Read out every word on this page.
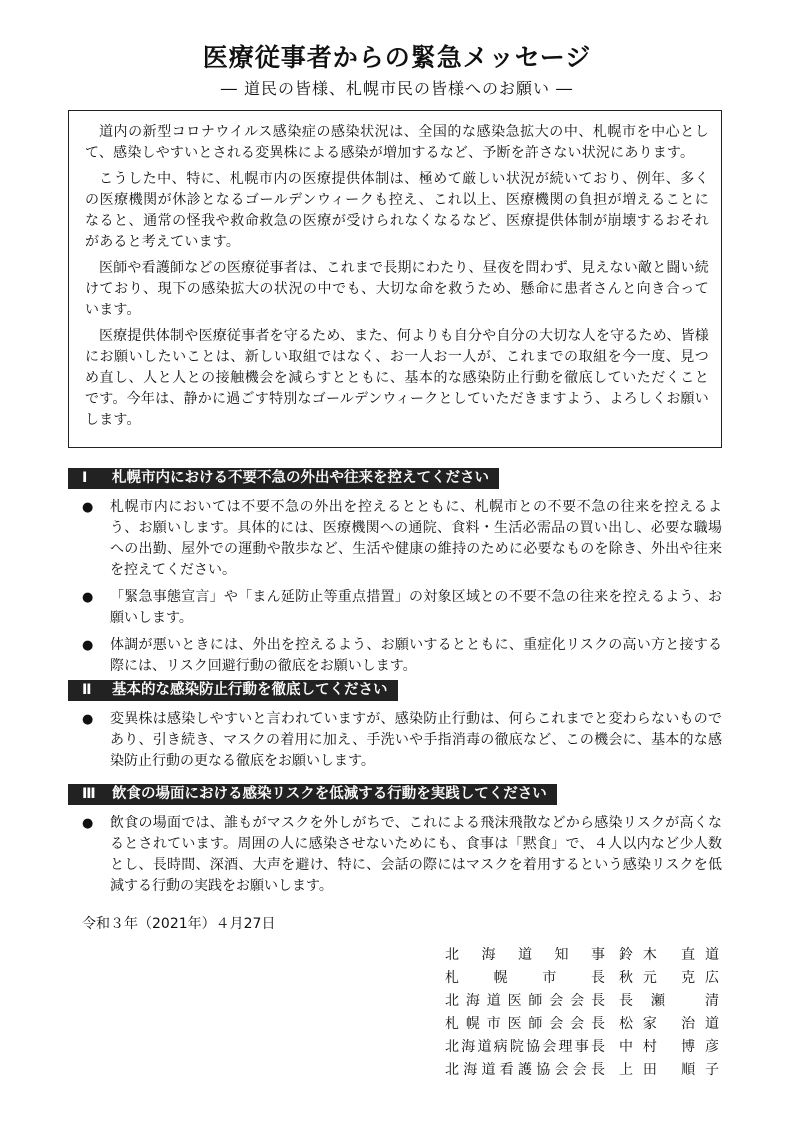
医療従事者からの緊急メッセージ
― 道民の皆様、札幌市民の皆様へのお願い ―

道内の新型コロナウイルス感染症の感染状況は、全国的な感染急拡大の中、札幌市を中心として、感染しやすいとされる変異株による感染が増加するなど、予断を許さない状況にあります。

こうした中、特に、札幌市内の医療提供体制は、極めて厳しい状況が続いており、例年、多くの医療機関が休診となるゴールデンウィークも控え、これ以上、医療機関の負担が増えることになると、通常の怪我や救命救急の医療が受けられなくなるなど、医療提供体制が崩壊するおそれがあると考えています。

医師や看護師などの医療従事者は、これまで長期にわたり、昼夜を問わず、見えない敵と闘い続けており、現下の感染拡大の状況の中でも、大切な命を救うため、懸命に患者さんと向き合っています。

医療提供体制や医療従事者を守るため、また、何よりも自分や自分の大切な人を守るため、皆様にお願いしたいことは、新しい取組ではなく、お一人お一人が、これまでの取組を今一度、見つめ直し、人と人との接触機会を減らすとともに、基本的な感染防止行動を徹底していただくことです。今年は、静かに過ごす特別なゴールデンウィークとしていただきますよう、よろしくお願いします。

Ⅰ 札幌市内における不要不急の外出や往来を控えてください
● 札幌市内においては不要不急の外出を控えるとともに、札幌市との不要不急の往来を控えるよう、お願いします。具体的には、医療機関への通院、食料・生活必需品の買い出し、必要な職場への出勤、屋外での運動や散歩など、生活や健康の維持のために必要なものを除き、外出や往来を控えてください。
● 「緊急事態宣言」や「まん延防止等重点措置」の対象区域との不要不急の往来を控えるよう、お願いします。
● 体調が悪いときには、外出を控えるよう、お願いするとともに、重症化リスクの高い方と接する際には、リスク回避行動の徹底をお願いします。
Ⅱ 基本的な感染防止行動を徹底してください
● 変異株は感染しやすいと言われていますが、感染防止行動は、何らこれまでと変わらないものであり、引き続き、マスクの着用に加え、手洗いや手指消毒の徹底など、この機会に、基本的な感染防止行動の更なる徹底をお願いします。
Ⅲ 飲食の場面における感染リスクを低減する行動を実践してください
● 飲食の場面では、誰もがマスクを外しがちで、これによる飛沫飛散などから感染リスクが高くなるとされています。周囲の人に感染させないためにも、食事は「黙食」で、４人以内など少人数とし、長時間、深酒、大声を避け、特に、会話の際にはマスクを着用するという感染リスクを低減する行動の実践をお願いします。
令和３年（2021年）４月27日
北海道知事 鈴木 直道
札幌市長 秋元 克広
北海道医師会会長 長瀬 清
札幌市医師会会長 松家 治道
北海道病院協会理事長 中村 博彦
北海道看護協会会長 上田 順子
